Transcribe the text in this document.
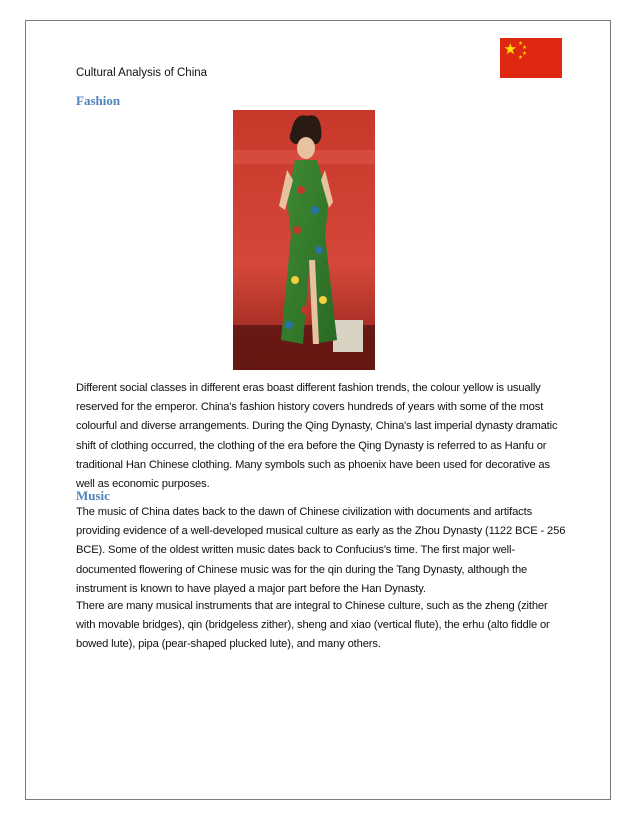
Cultural Analysis of China
Fashion
Different social classes in different eras boast different fashion trends, the colour yellow is usually reserved for the emperor. China's fashion history covers hundreds of years with some of the most colourful and diverse arrangements. During the Qing Dynasty, China's last imperial dynasty dramatic shift of clothing occurred, the clothing of the era before the Qing Dynasty is referred to as Hanfu or traditional Han Chinese clothing. Many symbols such as phoenix have been used for decorative as well as economic purposes.
Music
The music of China dates back to the dawn of Chinese civilization with documents and artifacts providing evidence of a well-developed musical culture as early as the Zhou Dynasty (1122 BCE - 256 BCE). Some of the oldest written music dates back to Confucius's time. The first major well-documented flowering of Chinese music was for the qin during the Tang Dynasty, although the instrument is known to have played a major part before the Han Dynasty.
There are many musical instruments that are integral to Chinese culture, such as the zheng (zither with movable bridges), qin (bridgeless zither), sheng and xiao (vertical flute), the erhu (alto fiddle or bowed lute), pipa (pear-shaped plucked lute), and many others.
